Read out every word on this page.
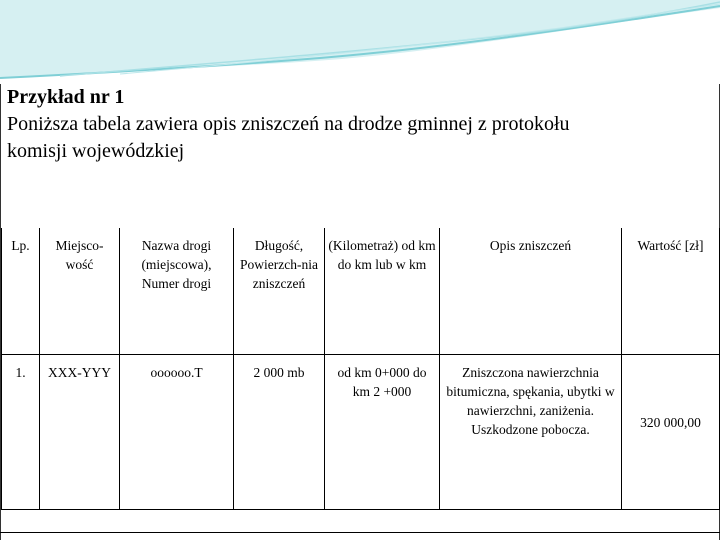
Przykład nr 1
Poniższa tabela zawiera opis zniszczeń na drodze gminnej z protokołu
komisji wojewódzkiej
Lp.	Miejsco-wość	Nazwa drogi (miejscowa), Numer drogi	Długość, Powierzch-nia zniszczeń	(Kilometraż) od km do km lub w km	Opis zniszczeń	Wartość [zł]
1.	XXX-YYY	oooooo.T	2 000 mb	od km 0+000 do km 2 +000	Zniszczona nawierzchnia bitumiczna, spękania, ubytki w nawierzchni, zaniżenia. Uszkodzone pobocza.	320 000,00
